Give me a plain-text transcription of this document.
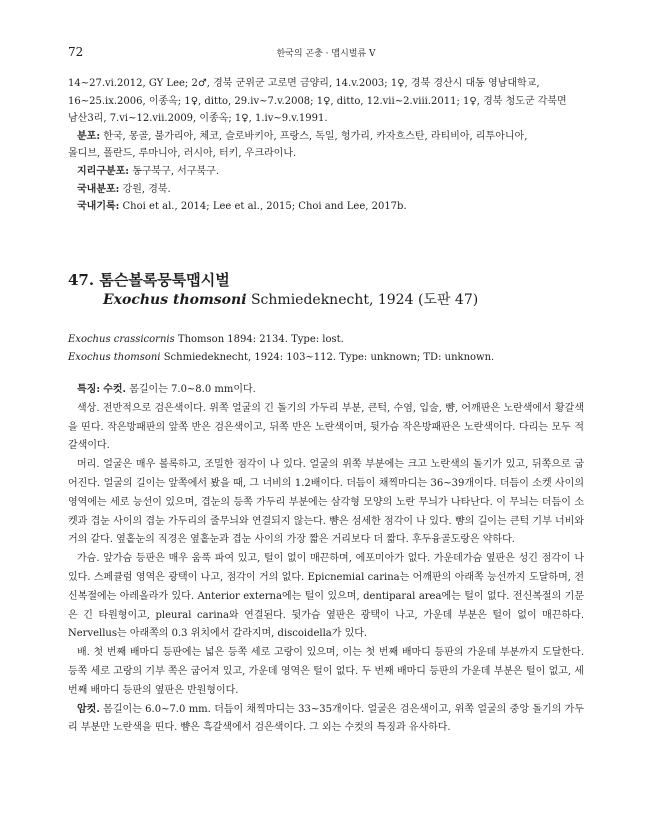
72	한국의 곤충 · 맵시벌류 V
14~27.vi.2012, GY Lee; 2♂, 경북 군위군 고로면 금양리, 14.v.2003; 1♀, 경북 경산시 대동 영남대학교,
16~25.ix.2006, 이종옥; 1♀, ditto, 29.iv~7.v.2008; 1♀, ditto, 12.vii~2.viii.2011; 1♀, 경북 청도군 각북면
남산3리, 7.vi~12.vii.2009, 이종옥; 1♀, 1.iv~9.v.1991.
분포: 한국, 몽골, 불가리아, 체코, 슬로바키아, 프랑스, 독일, 헝가리, 카자흐스탄, 라티비아, 리투아니아,
몰디브, 폴란드, 루마니아, 러시아, 터키, 우크라이나.
지리구분포: 동구북구, 서구북구.
국내분포: 강원, 경북.
국내기록: Choi et al., 2014; Lee et al., 2015; Choi and Lee, 2017b.
47. 톰슨볼록뭉툭맵시벌
Exochus thomsoni Schmiedeknecht, 1924 (도판 47)
Exochus crassicornis Thomson 1894: 2134. Type: lost.
Exochus thomsoni Schmiedeknecht, 1924: 103~112. Type: unknown; TD: unknown.

특징: 수컷. 몸길이는 7.0~8.0 mm이다.

색상. 전반적으로 검은색이다. 위쪽 얼굴의 긴 돌기의 가두리 부분, 큰턱, 수염, 입술, 뺨, 어깨판은 노란색에서 황갈색을 띤다. 작은방패판의 앞쪽 반은 검은색이고, 뒤쪽 반은 노란색이며, 뒷가슴 작은방패판은 노란색이다. 다리는 모두 적갈색이다.

머리. 얼굴은 매우 볼록하고, 조밀한 점각이 나 있다. 얼굴의 위쪽 부분에는 크고 노란색의 돌기가 있고, 뒤쪽으로 굽어진다. 얼굴의 길이는 앞쪽에서 봤을 때, 그 너비의 1.2배이다. 더듬이 채찍마디는 36~39개이다. 더듬이 소켓 사이의 영역에는 세로 능선이 있으며, 겹눈의 등쪽 가두리 부분에는 삼각형 모양의 노란 무늬가 나타난다. 이 무늬는 더듬이 소켓과 겹눈 사이의 겹눈 가두리의 줄무늬와 연결되지 않는다. 뺨은 섬세한 점각이 나 있다. 뺨의 길이는 큰턱 기부 너비와 거의 같다. 옆홑눈의 직경은 옆홑눈과 겹눈 사이의 가장 짧은 거리보다 더 짧다. 후두융골도랑은 약하다.

가슴. 앞가슴 등판은 매우 움푹 파여 있고, 털이 없이 매끈하며, 에포미아가 없다. 가운데가슴 옆판은 성긴 점각이 나 있다. 스페큘럼 영역은 광택이 나고, 점각이 거의 없다. Epicnemial carina는 어깨판의 아래쪽 능선까지 도달하며, 전신복절에는 아레올라가 있다. Anterior externa에는 털이 있으며, dentiparal area에는 털이 없다. 전신복절의 기문은 긴 타원형이고, pleural carina와 연결된다. 뒷가슴 옆판은 광택이 나고, 가운데 부분은 털이 없이 매끈하다. Nervellus는 아래쪽의 0.3 위치에서 갈라지며, discoidella가 있다.

배. 첫 번째 배마디 등판에는 넓은 등쪽 세로 고랑이 있으며, 이는 첫 번째 배마디 등판의 가운데 부분까지 도달한다. 등쪽 세로 고랑의 기부 쪽은 굽어져 있고, 가운데 영역은 털이 없다. 두 번째 배마디 등판의 가운데 부분은 털이 없고, 세 번째 배마디 등판의 옆판은 반원형이다.

암컷. 몸길이는 6.0~7.0 mm. 더듬이 채찍마디는 33~35개이다. 얼굴은 검은색이고, 위쪽 얼굴의 중앙 돌기의 가두리 부분만 노란색을 띤다. 뺨은 흑갈색에서 검은색이다. 그 외는 수컷의 특징과 유사하다.
